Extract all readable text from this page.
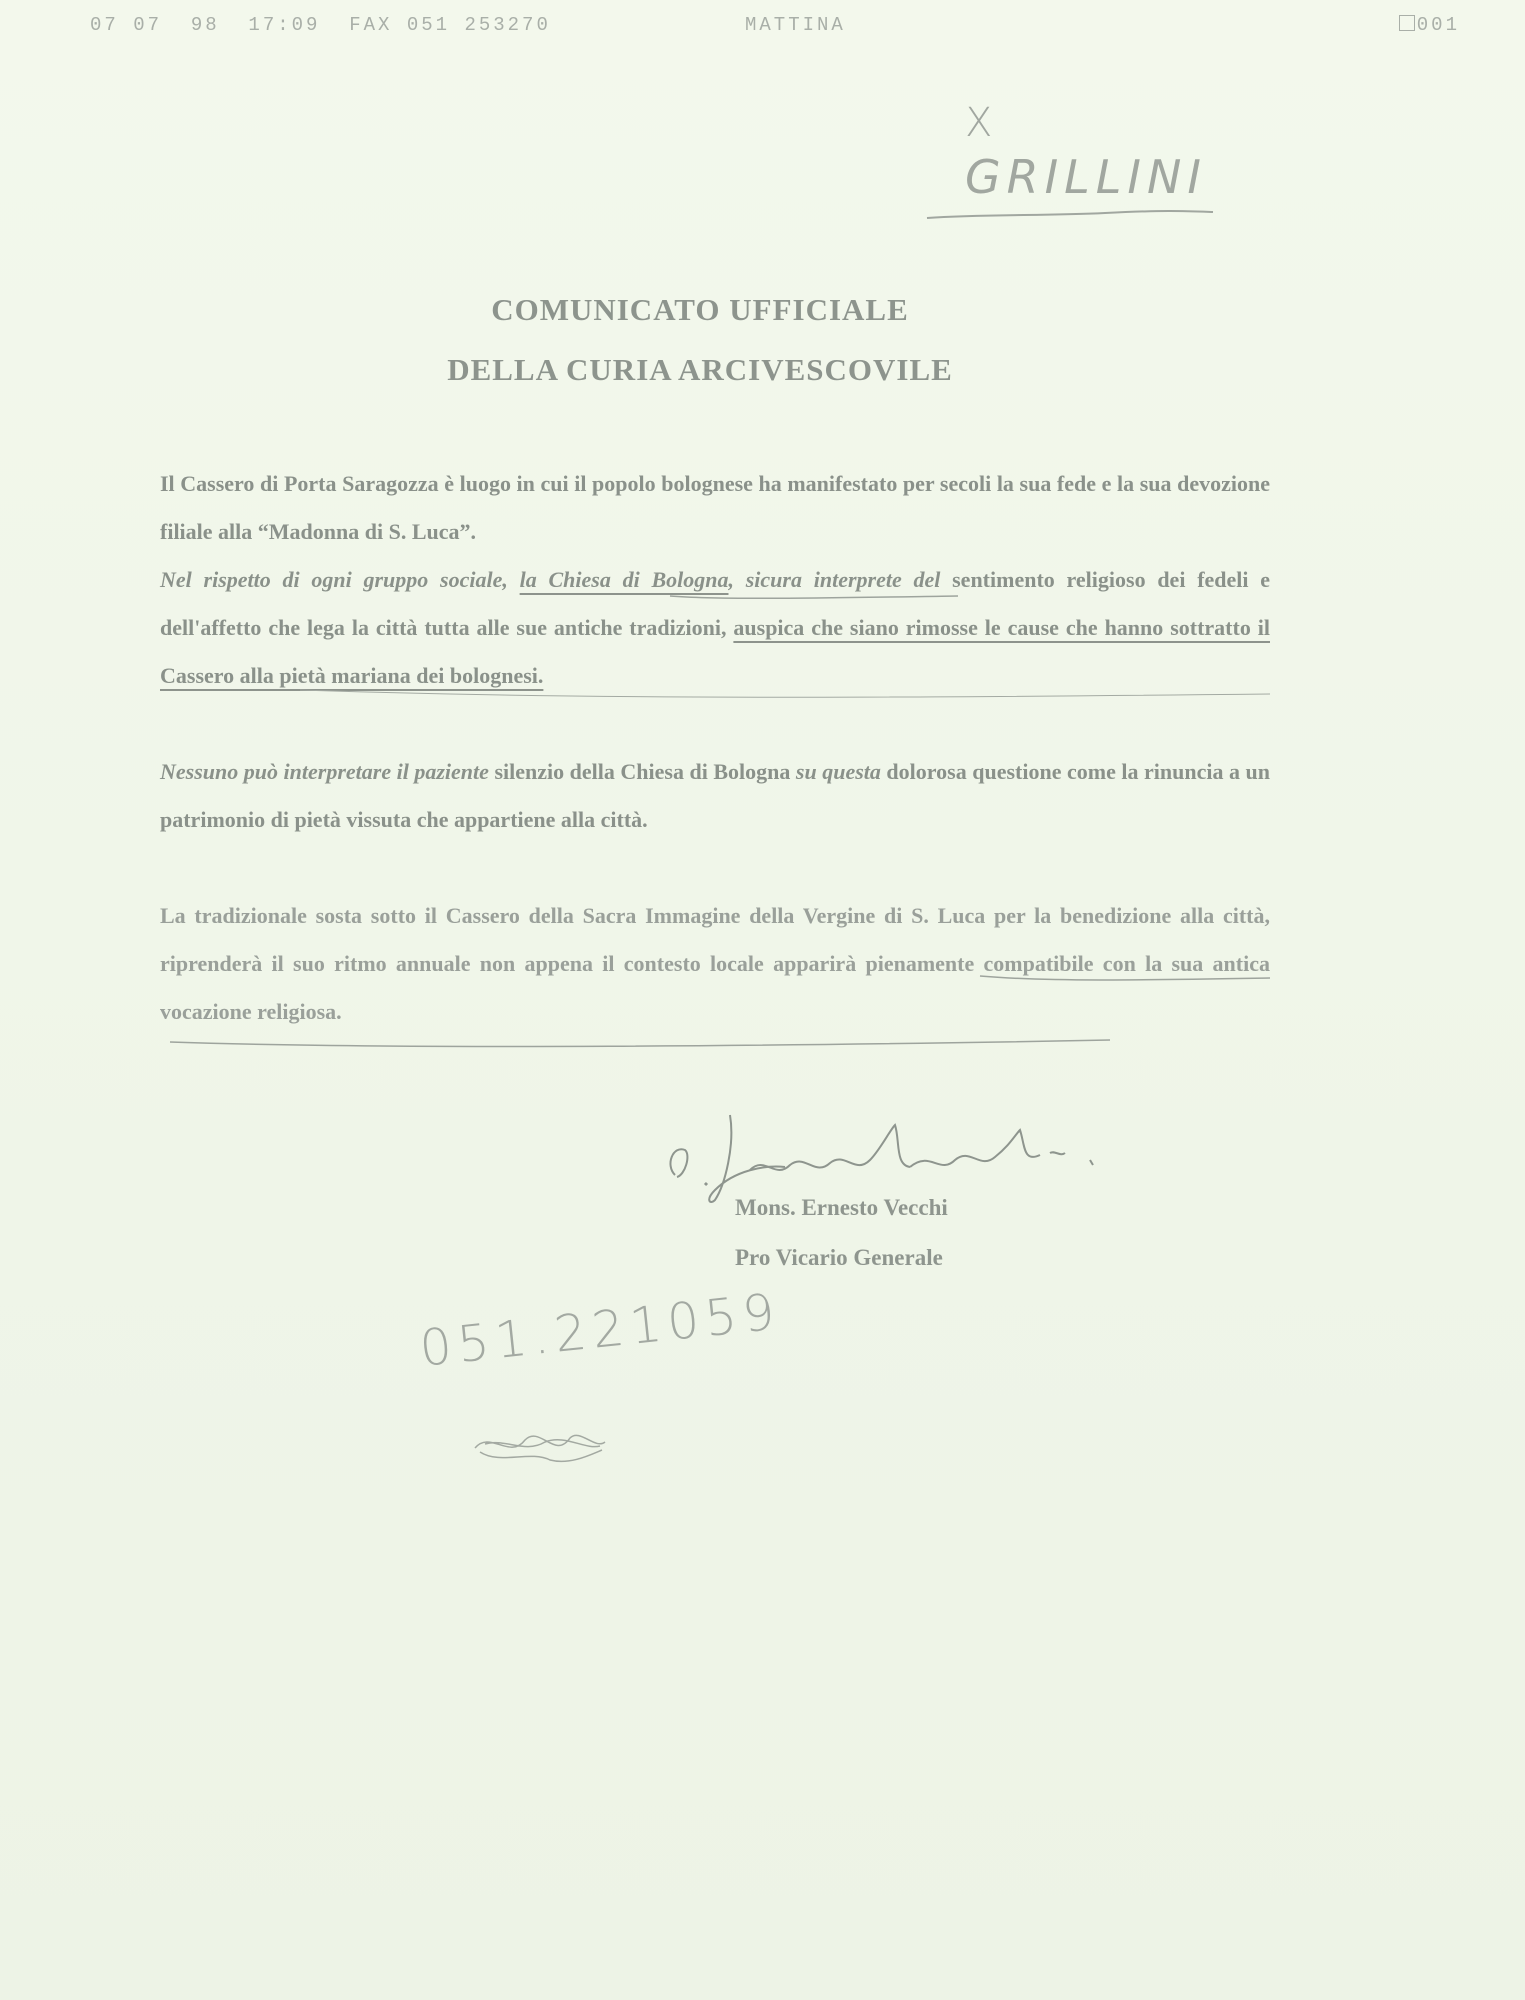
07 07  98  17:09  FAX 051 253270	MATTINA	001
X
GRILLINI
COMUNICATO UFFICIALE
DELLA CURIA ARCIVESCOVILE

Il Cassero di Porta Saragozza è luogo in cui il popolo bolognese ha manifestato per secoli la sua fede e la sua devozione filiale alla “Madonna di S. Luca”.

Nel rispetto di ogni gruppo sociale, la Chiesa di Bologna, sicura interprete del sentimento religioso dei fedeli e dell'affetto che lega la città tutta alle sue antiche tradizioni, auspica che siano rimosse le cause che hanno sottratto il Cassero alla pietà mariana dei bolognesi.

Nessuno può interpretare il paziente silenzio della Chiesa di Bologna su questa dolorosa questione come la rinuncia a un patrimonio di pietà vissuta che appartiene alla città.

La tradizionale sosta sotto il Cassero della Sacra Immagine della Vergine di S. Luca per la benedizione alla città, riprenderà il suo ritmo annuale non appena il contesto locale apparirà pienamente compatibile con la sua antica vocazione religiosa.

Mons. Ernesto Vecchi
Pro Vicario Generale
051.221059
